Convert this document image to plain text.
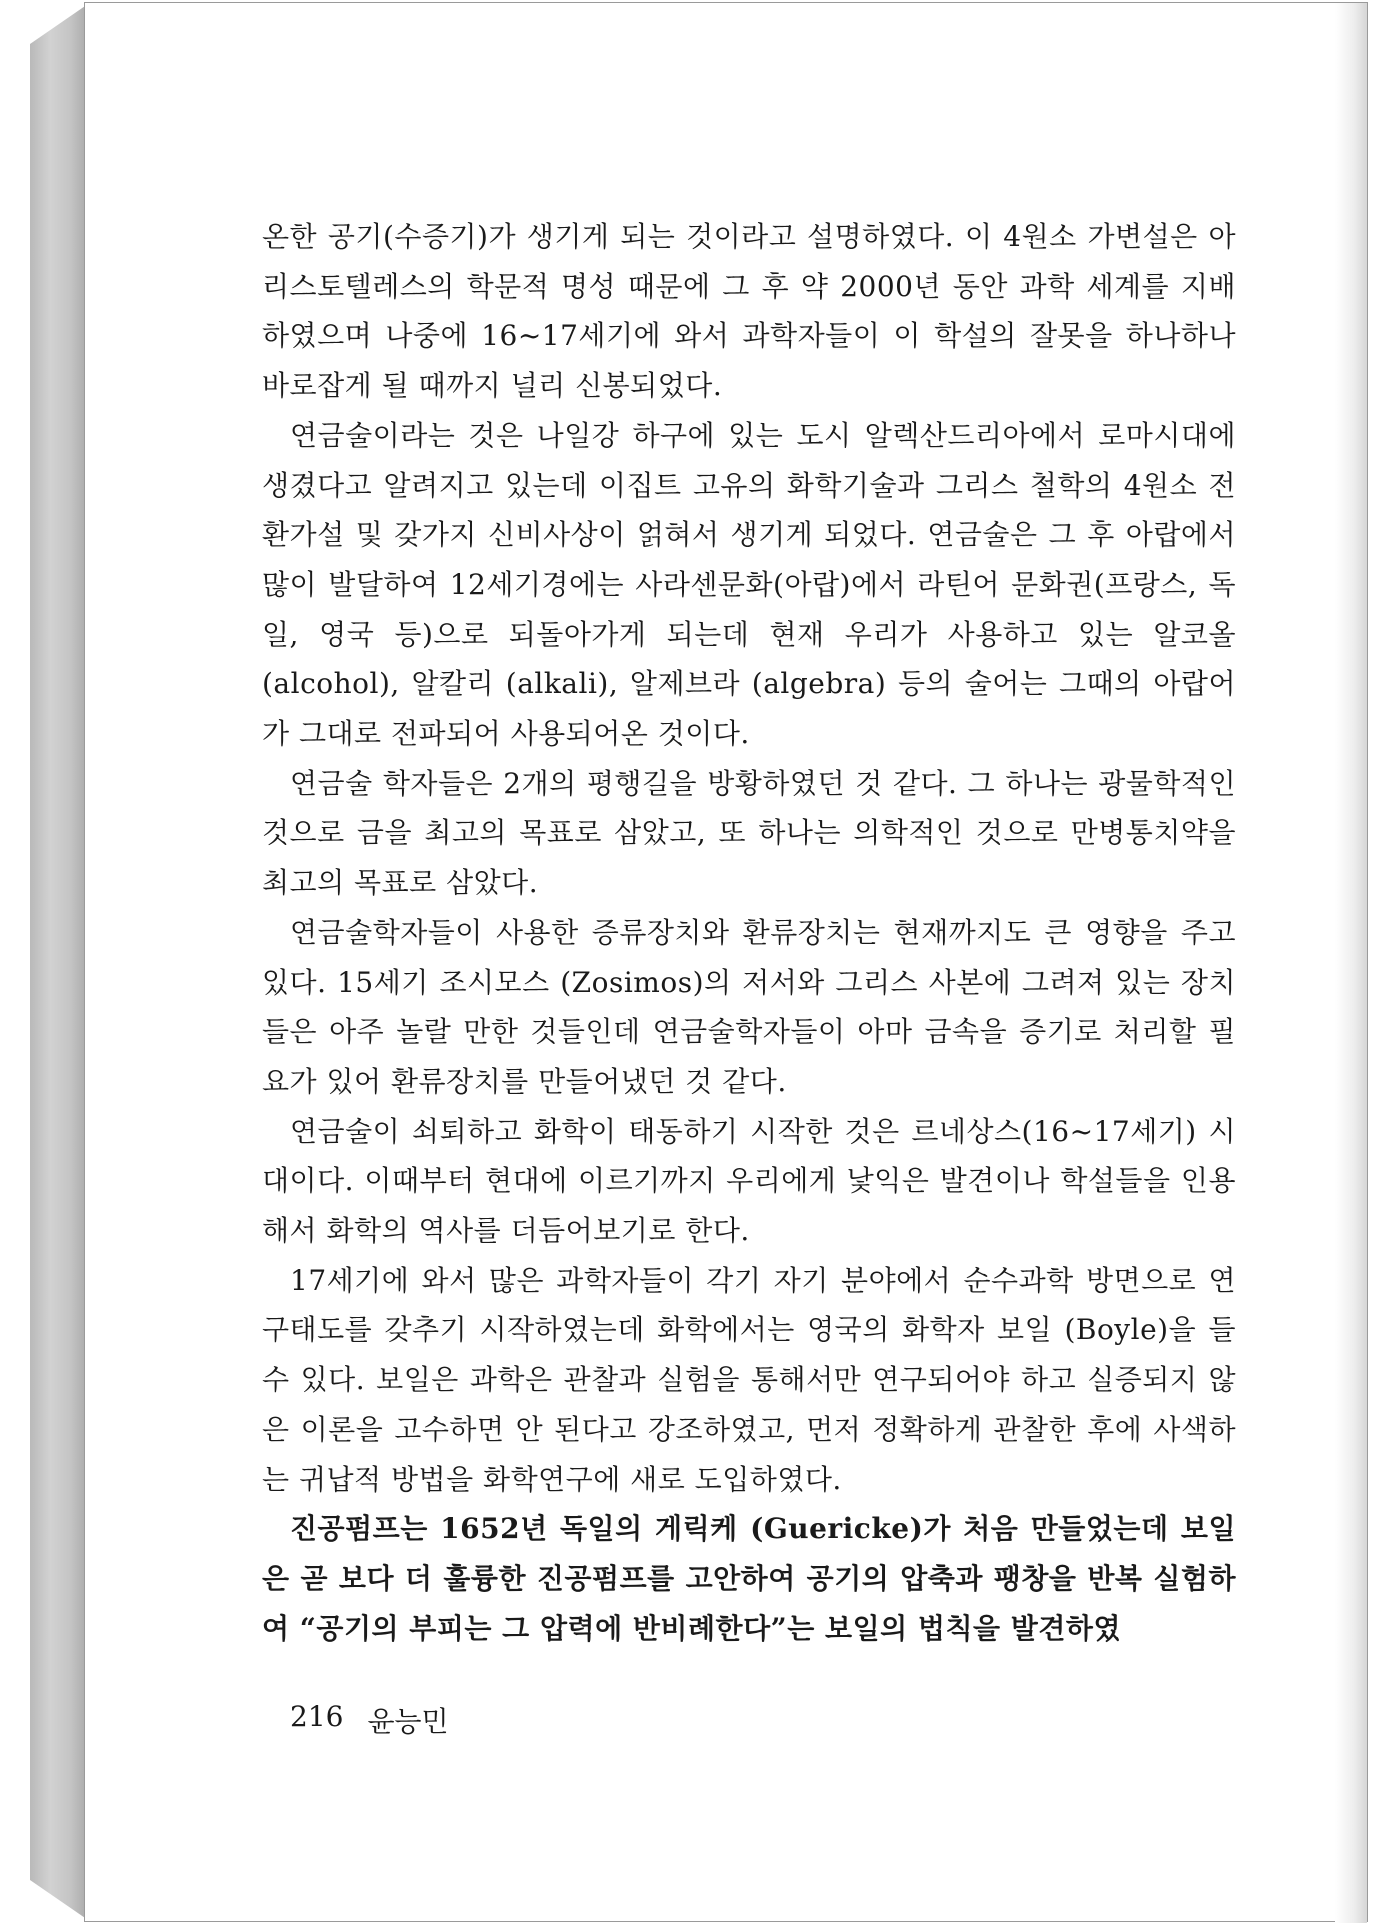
온한 공기(수증기)가 생기게 되는 것이라고 설명하였다. 이 4원소 가변설은 아리스토텔레스의 학문적 명성 때문에 그 후 약 2000년 동안 과학 세계를 지배하였으며 나중에 16~17세기에 와서 과학자들이 이 학설의 잘못을 하나하나 바로잡게 될 때까지 널리 신봉되었다.

연금술이라는 것은 나일강 하구에 있는 도시 알렉산드리아에서 로마시대에 생겼다고 알려지고 있는데 이집트 고유의 화학기술과 그리스 철학의 4원소 전환가설 및 갖가지 신비사상이 얽혀서 생기게 되었다. 연금술은 그 후 아랍에서 많이 발달하여 12세기경에는 사라센문화(아랍)에서 라틴어 문화권(프랑스, 독일, 영국 등)으로 되돌아가게 되는데 현재 우리가 사용하고 있는 알코올 (alcohol), 알칼리 (alkali), 알제브라 (algebra) 등의 술어는 그때의 아랍어가 그대로 전파되어 사용되어온 것이다.

연금술 학자들은 2개의 평행길을 방황하였던 것 같다. 그 하나는 광물학적인 것으로 금을 최고의 목표로 삼았고, 또 하나는 의학적인 것으로 만병통치약을 최고의 목표로 삼았다.

연금술학자들이 사용한 증류장치와 환류장치는 현재까지도 큰 영향을 주고 있다. 15세기 조시모스 (Zosimos)의 저서와 그리스 사본에 그려져 있는 장치들은 아주 놀랄 만한 것들인데 연금술학자들이 아마 금속을 증기로 처리할 필요가 있어 환류장치를 만들어냈던 것 같다.

연금술이 쇠퇴하고 화학이 태동하기 시작한 것은 르네상스(16~17세기) 시대이다. 이때부터 현대에 이르기까지 우리에게 낯익은 발견이나 학설들을 인용해서 화학의 역사를 더듬어보기로 한다.

17세기에 와서 많은 과학자들이 각기 자기 분야에서 순수과학 방면으로 연구태도를 갖추기 시작하였는데 화학에서는 영국의 화학자 보일 (Boyle)을 들 수 있다. 보일은 과학은 관찰과 실험을 통해서만 연구되어야 하고 실증되지 않은 이론을 고수하면 안 된다고 강조하였고, 먼저 정확하게 관찰한 후에 사색하는 귀납적 방법을 화학연구에 새로 도입하였다.

진공펌프는 1652년 독일의 게릭케 (Guericke)가 처음 만들었는데 보일은 곧 보다 더 훌륭한 진공펌프를 고안하여 공기의 압축과 팽창을 반복 실험하여 “공기의 부피는 그 압력에 반비례한다”는 보일의 법칙을 발견하였

216 윤능민
